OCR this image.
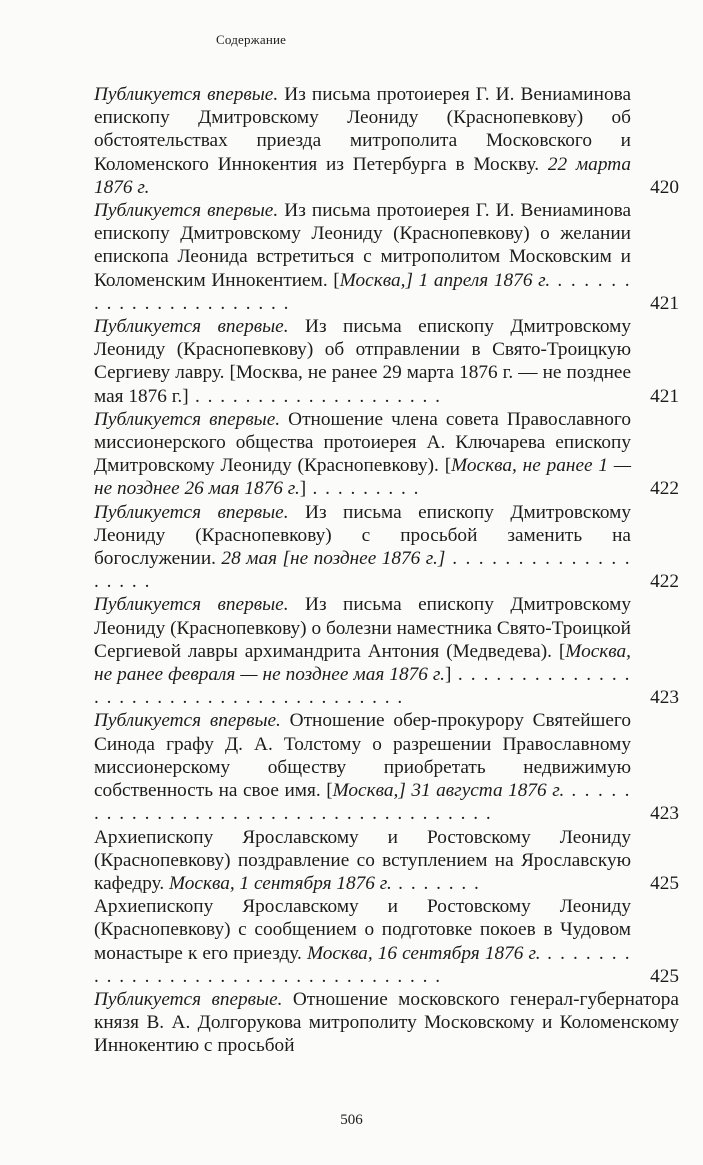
Содержание
Публикуется впервые. Из письма протоиерея Г. И. Вениаминова епископу Дмитровскому Леониду (Краснопевкову) об обстоятельствах приезда митрополита Московского и Коломенского Иннокентия из Петербурга в Москву. 22 марта 1876 г.	420
Публикуется впервые. Из письма протоиерея Г. И. Вениаминова епископу Дмитровскому Леониду (Краснопевкову) о желании епископа Леонида встретиться с митрополитом Московским и Коломенским Иннокентием. [Москва,] 1 апреля 1876 г. . . . . . . . . . . . . . . . . . . . . . .	421
Публикуется впервые. Из письма епископу Дмитровскому Леониду (Краснопевкову) об отправлении в Свято-Троицкую Сергиеву лавру. [Москва, не ранее 29 марта 1876 г. — не позднее мая 1876 г.] . . . . . . . . . . . . . . . . . . . .	421
Публикуется впервые. Отношение члена совета Православного миссионерского общества протоиерея А. Ключарева епископу Дмитровскому Леониду (Краснопевкову). [Москва, не ранее 1 — не позднее 26 мая 1876 г.] . . . . . . . . .	422
Публикуется впервые. Из письма епископу Дмитровскому Леониду (Краснопевкову) с просьбой заменить на богослужении. 28 мая [не позднее 1876 г.] . . . . . . . . . . . . . . . . . . .	422
Публикуется впервые. Из письма епископу Дмитровскому Леониду (Краснопевкову) о болезни наместника Свято-Троицкой Сергиевой лавры архимандрита Антония (Медведева). [Москва, не ранее февраля — не позднее мая 1876 г.] . . . . . . . . . . . . . . . . . . . . . . . . . . . . . . . . . . . . . . .	423
Публикуется впервые. Отношение обер-прокурору Святейшего Синода графу Д. А. Толстому о разрешении Православному миссионерскому обществу приобретать недвижимую собственность на свое имя. [Москва,] 31 августа 1876 г. . . . . . . . . . . . . . . . . . . . . . . . . . . . . . . . . . . . . .	423
Архиепископу Ярославскому и Ростовскому Леониду (Краснопевкову) поздравление со вступлением на Ярославскую кафедру. Москва, 1 сентября 1876 г. . . . . . . .	425
Архиепископу Ярославскому и Ростовскому Леониду (Краснопевкову) с сообщением о подготовке покоев в Чудовом монастыре к его приезду. Москва, 16 сентября 1876 г. . . . . . . . . . . . . . . . . . . . . . . . . . . . . . . . . . . .	425
Публикуется впервые. Отношение московского генерал-губернатора князя В. А. Долгорукова митрополиту Московскому и Коломенскому Иннокентию с просьбой
506
